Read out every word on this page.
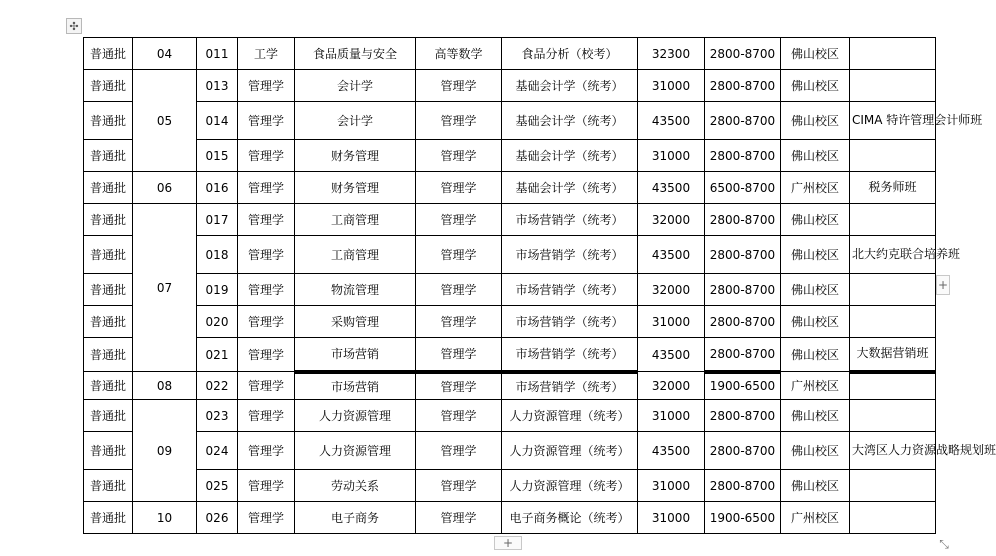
✣
普通批	04	011	工学	食品质量与安全	高等数学	食品分析（校考）	32300	2800-8700	佛山校区	
普通批	05	013	管理学	会计学	管理学	基础会计学（统考）	31000	2800-8700	佛山校区	
普通批		014	管理学	会计学	管理学	基础会计学（统考）	43500	2800-8700	佛山校区	CIMA 特许管理会计师班
普通批		015	管理学	财务管理	管理学	基础会计学（统考）	31000	2800-8700	佛山校区	
普通批	06	016	管理学	财务管理	管理学	基础会计学（统考）	43500	6500-8700	广州校区	税务师班
普通批	07	017	管理学	工商管理	管理学	市场营销学（统考）	32000	2800-8700	佛山校区	
普通批		018	管理学	工商管理	管理学	市场营销学（统考）	43500	2800-8700	佛山校区	北大约克联合培养班
普通批		019	管理学	物流管理	管理学	市场营销学（统考）	32000	2800-8700	佛山校区	
普通批		020	管理学	采购管理	管理学	市场营销学（统考）	31000	2800-8700	佛山校区	
普通批		021	管理学	市场营销	管理学	市场营销学（统考）	43500	2800-8700	佛山校区	大数据营销班
普通批	08	022	管理学	市场营销	管理学	市场营销学（统考）	32000	1900-6500	广州校区	
普通批	09	023	管理学	人力资源管理	管理学	人力资源管理（统考）	31000	2800-8700	佛山校区	
普通批		024	管理学	人力资源管理	管理学	人力资源管理（统考）	43500	2800-8700	佛山校区	大湾区人力资源战略规划班
普通批		025	管理学	劳动关系	管理学	人力资源管理（统考）	31000	2800-8700	佛山校区	
普通批	10	026	管理学	电子商务	管理学	电子商务概论（统考）	31000	1900-6500	广州校区	
+
+	⤡
